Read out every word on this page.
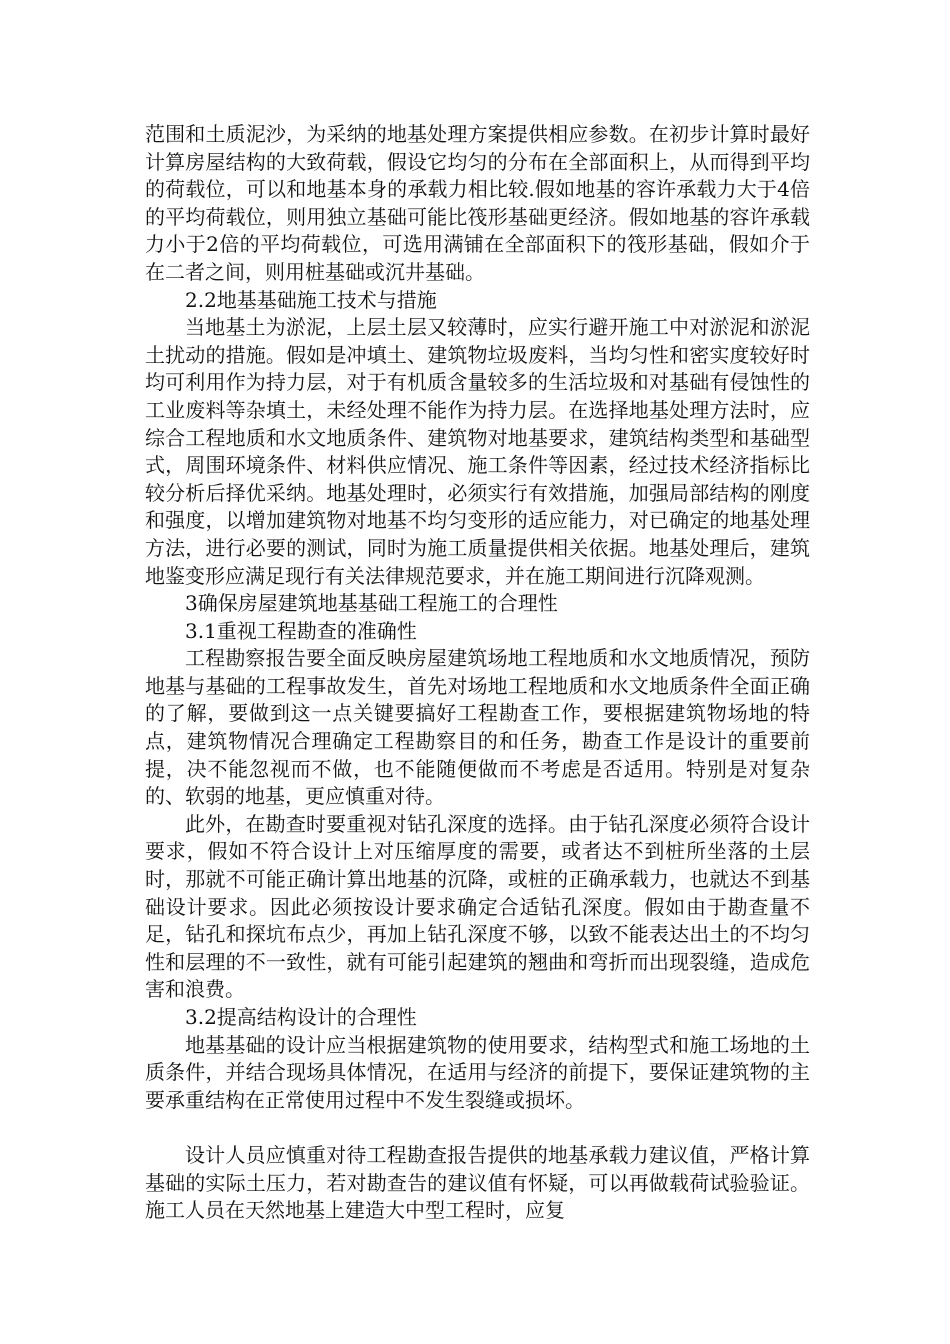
范围和土质泥沙，为采纳的地基处理方案提供相应参数。在初步计算时最好计算房屋结构的大致荷载，假设它均匀的分布在全部面积上，从而得到平均的荷载位，可以和地基本身的承载力相比较.假如地基的容许承载力大于4倍的平均荷载位，则用独立基础可能比筏形基础更经济。假如地基的容许承载力小于2倍的平均荷载位，可选用满铺在全部面积下的筏形基础，假如介于在二者之间，则用桩基础或沉井基础。

2.2地基基础施工技术与措施

当地基土为淤泥，上层土层又较薄时，应实行避开施工中对淤泥和淤泥土扰动的措施。假如是冲填土、建筑物垃圾废料，当均匀性和密实度较好时均可利用作为持力层，对于有机质含量较多的生活垃圾和对基础有侵蚀性的工业废料等杂填土，未经处理不能作为持力层。在选择地基处理方法时，应综合工程地质和水文地质条件、建筑物对地基要求，建筑结构类型和基础型式，周围环境条件、材料供应情况、施工条件等因素，经过技术经济指标比较分析后择优采纳。地基处理时，必须实行有效措施，加强局部结构的刚度和强度，以增加建筑物对地基不均匀变形的适应能力，对已确定的地基处理方法，进行必要的测试，同时为施工质量提供相关依据。地基处理后，建筑地鉴变形应满足现行有关法律规范要求，并在施工期间进行沉降观测。

3确保房屋建筑地基基础工程施工的合理性

3.1重视工程勘查的准确性

工程勘察报告要全面反映房屋建筑场地工程地质和水文地质情况，预防地基与基础的工程事故发生，首先对场地工程地质和水文地质条件全面正确的了解，要做到这一点关键要搞好工程勘查工作，要根据建筑物场地的特点，建筑物情况合理确定工程勘察目的和任务，勘查工作是设计的重要前提，决不能忽视而不做，也不能随便做而不考虑是否适用。特别是对复杂的、软弱的地基，更应慎重对待。

此外，在勘查时要重视对钻孔深度的选择。由于钻孔深度必须符合设计要求，假如不符合设计上对压缩厚度的需要，或者达不到桩所坐落的土层时，那就不可能正确计算出地基的沉降，或桩的正确承载力，也就达不到基础设计要求。因此必须按设计要求确定合适钻孔深度。假如由于勘查量不足，钻孔和探坑布点少，再加上钻孔深度不够，以致不能表达出土的不均匀性和层理的不一致性，就有可能引起建筑的翘曲和弯折而出现裂缝，造成危害和浪费。

3.2提高结构设计的合理性

地基基础的设计应当根据建筑物的使用要求，结构型式和施工场地的土质条件，并结合现场具体情况，在适用与经济的前提下，要保证建筑物的主要承重结构在正常使用过程中不发生裂缝或损坏。

设计人员应慎重对待工程勘查报告提供的地基承载力建议值，严格计算基础的实际土压力，若对勘查告的建议值有怀疑，可以再做载荷试验验证。施工人员在天然地基上建造大中型工程时，应复
